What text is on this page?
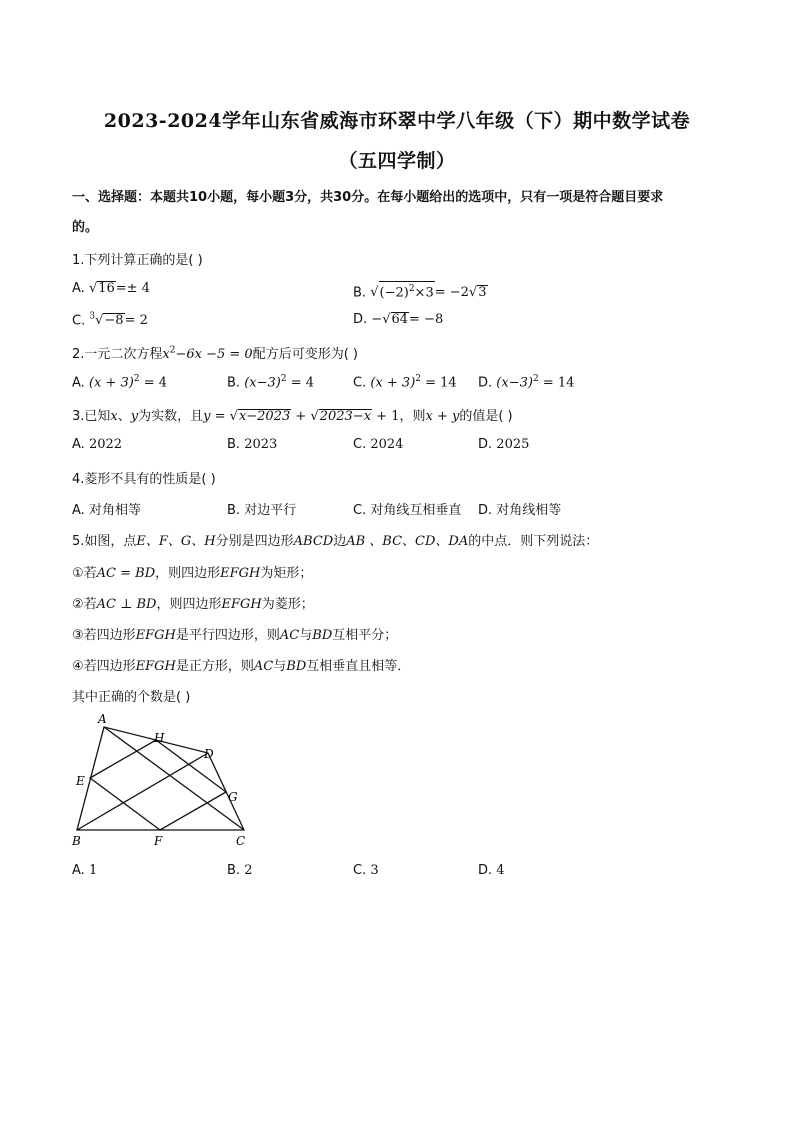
2023-2024学年山东省威海市环翠中学八年级（下）期中数学试卷
（五四学制）
一、选择题：本题共10小题，每小题3分，共30分。在每小题给出的选项中，只有一项是符合题目要求
的。
1.下列计算正确的是( )
A. √16=± 4	B. $√(-2)^2\times 3= -2√3$
C. $^3$√−8= 2	D. −√64= −8
2.一元二次方程$x^2-6x -5 = 0$配方后可变形为( )
A. $(x + 3)^2 = 4$	B. $(x-3)^2 = 4$	C. $(x + 3)^2 = 14$ D. $(x-3)^2 = 14$
3.已知x、y为实数，且y = √x−2023 + √2023−x + 1，则x + y的值是( )
A. 2022	B. 2023	C. 2024	D. 2025
4.菱形不具有的性质是( )
A. 对角相等	B. 对边平行	C. 对角线互相垂直 D. 对角线相等
5.如图，点E、F、G、H分别是四边形ABCD边AB 、BC、CD、DA的中点．则下列说法：
①若AC = BD，则四边形EFGH为矩形；
②若AC ⊥ BD，则四边形EFGH为菱形；
③若四边形EFGH是平行四边形，则AC与BD互相平分；
④若四边形EFGH是正方形，则AC与BD互相垂直且相等．
其中正确的个数是( )
A
H
D
E
G
B	F	C
A. 1	B. 2	C. 3	D. 4
